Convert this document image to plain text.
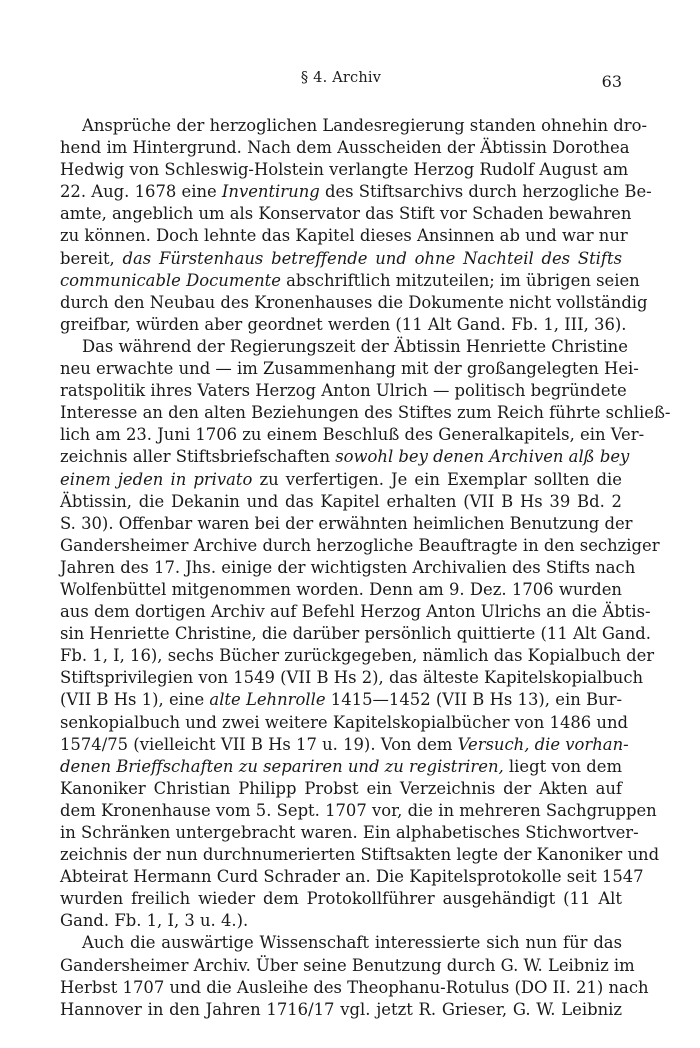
§ 4. Archiv	63
Ansprüche der herzoglichen Landesregierung standen ohnehin dro-
hend im Hintergrund. Nach dem Ausscheiden der Äbtissin Dorothea
Hedwig von Schleswig-Holstein verlangte Herzog Rudolf August am
22. Aug. 1678 eine Inventirung des Stiftsarchivs durch herzogliche Be-
amte, angeblich um als Konservator das Stift vor Schaden bewahren
zu können. Doch lehnte das Kapitel dieses Ansinnen ab und war nur
bereit, das Fürstenhaus betreffende und ohne Nachteil des Stifts
communicable Documente abschriftlich mitzuteilen; im übrigen seien
durch den Neubau des Kronenhauses die Dokumente nicht vollständig
greifbar, würden aber geordnet werden (11 Alt Gand. Fb. 1, III, 36).
Das während der Regierungszeit der Äbtissin Henriette Christine
neu erwachte und — im Zusammenhang mit der großangelegten Hei-
ratspolitik ihres Vaters Herzog Anton Ulrich — politisch begründete
Interesse an den alten Beziehungen des Stiftes zum Reich führte schließ-
lich am 23. Juni 1706 zu einem Beschluß des Generalkapitels, ein Ver-
zeichnis aller Stiftsbriefschaften sowohl bey denen Archiven alß bey
einem jeden in privato zu verfertigen. Je ein Exemplar sollten die
Äbtissin, die Dekanin und das Kapitel erhalten (VII B Hs 39 Bd. 2
S. 30). Offenbar waren bei der erwähnten heimlichen Benutzung der
Gandersheimer Archive durch herzogliche Beauftragte in den sechziger
Jahren des 17. Jhs. einige der wichtigsten Archivalien des Stifts nach
Wolfenbüttel mitgenommen worden. Denn am 9. Dez. 1706 wurden
aus dem dortigen Archiv auf Befehl Herzog Anton Ulrichs an die Äbtis-
sin Henriette Christine, die darüber persönlich quittierte (11 Alt Gand.
Fb. 1, I, 16), sechs Bücher zurückgegeben, nämlich das Kopialbuch der
Stiftsprivilegien von 1549 (VII B Hs 2), das älteste Kapitelskopialbuch
(VII B Hs 1), eine alte Lehnrolle 1415—1452 (VII B Hs 13), ein Bur-
senkopialbuch und zwei weitere Kapitelskopialbücher von 1486 und
1574/75 (vielleicht VII B Hs 17 u. 19). Von dem Versuch, die vorhan-
denen Brieffschaften zu separiren und zu registriren, liegt von dem
Kanoniker Christian Philipp Probst ein Verzeichnis der Akten auf
dem Kronenhause vom 5. Sept. 1707 vor, die in mehreren Sachgruppen
in Schränken untergebracht waren. Ein alphabetisches Stichwortver-
zeichnis der nun durchnumerierten Stiftsakten legte der Kanoniker und
Abteirat Hermann Curd Schrader an. Die Kapitelsprotokolle seit 1547
wurden freilich wieder dem Protokollführer ausgehändigt (11 Alt
Gand. Fb. 1, I, 3 u. 4.).
Auch die auswärtige Wissenschaft interessierte sich nun für das
Gandersheimer Archiv. Über seine Benutzung durch G. W. Leibniz im
Herbst 1707 und die Ausleihe des Theophanu-Rotulus (DO II. 21) nach
Hannover in den Jahren 1716/17 vgl. jetzt R. Grieser, G. W. Leibniz
